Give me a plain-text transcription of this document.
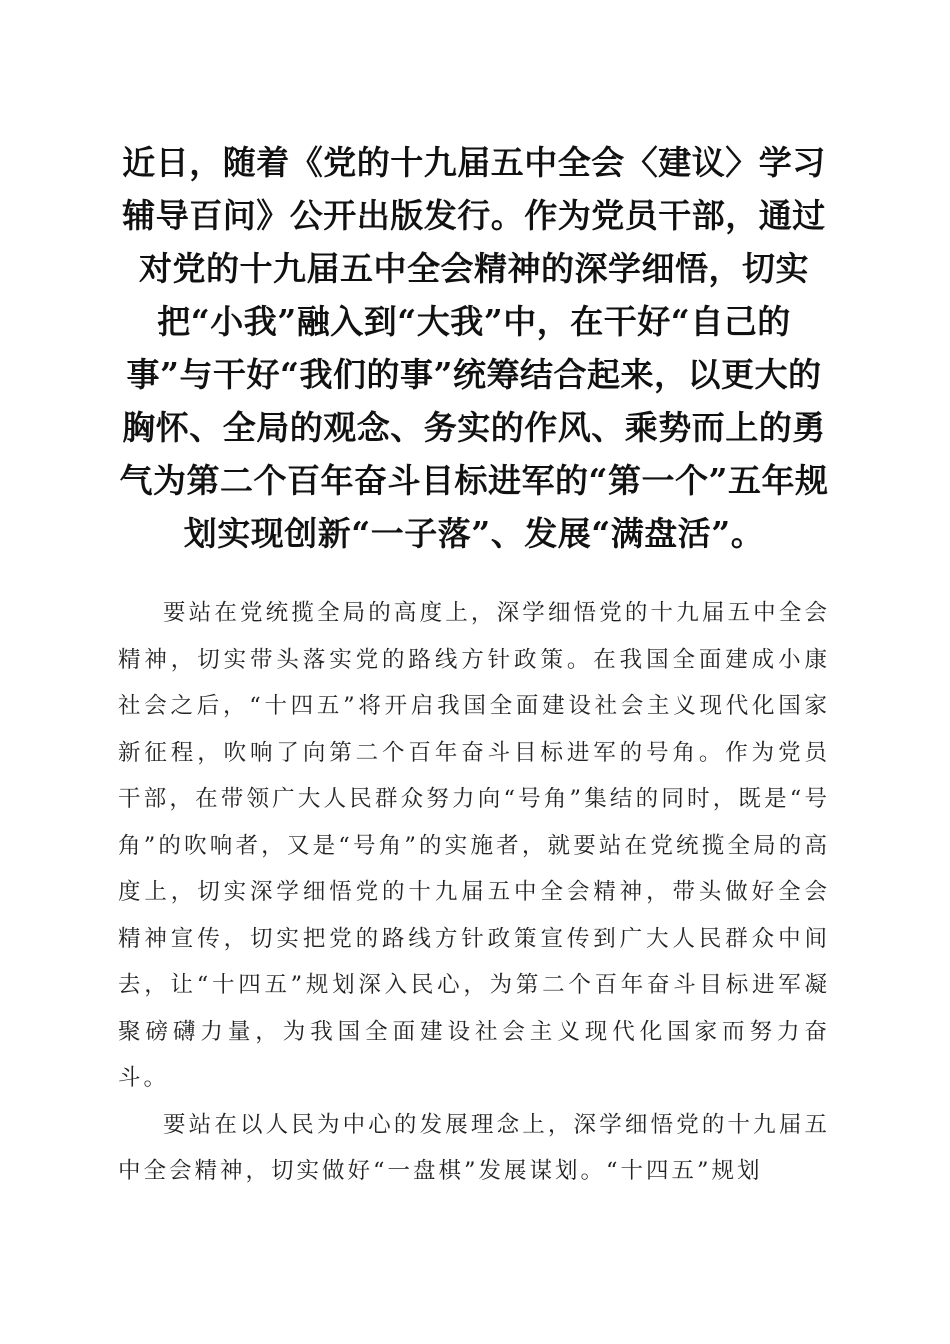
近日，随着《党的十九届五中全会〈建议〉学习辅导百问》公开出版发行。作为党员干部，通过对党的十九届五中全会精神的深学细悟，切实把“小我”融入到“大我”中，在干好“自己的事”与干好“我们的事”统筹结合起来，以更大的胸怀、全局的观念、务实的作风、乘势而上的勇气为第二个百年奋斗目标进军的“第一个”五年规划实现创新“一子落”、发展“满盘活”。

要站在党统揽全局的高度上，深学细悟党的十九届五中全会精神，切实带头落实党的路线方针政策。在我国全面建成小康社会之后，“十四五”将开启我国全面建设社会主义现代化国家新征程，吹响了向第二个百年奋斗目标进军的号角。作为党员干部，在带领广大人民群众努力向“号角”集结的同时，既是“号角”的吹响者，又是“号角”的实施者，就要站在党统揽全局的高度上，切实深学细悟党的十九届五中全会精神，带头做好全会精神宣传，切实把党的路线方针政策宣传到广大人民群众中间去，让“十四五”规划深入民心，为第二个百年奋斗目标进军凝聚磅礴力量，为我国全面建设社会主义现代化国家而努力奋斗。

要站在以人民为中心的发展理念上，深学细悟党的十九届五中全会精神，切实做好“一盘棋”发展谋划。“十四五”规划
